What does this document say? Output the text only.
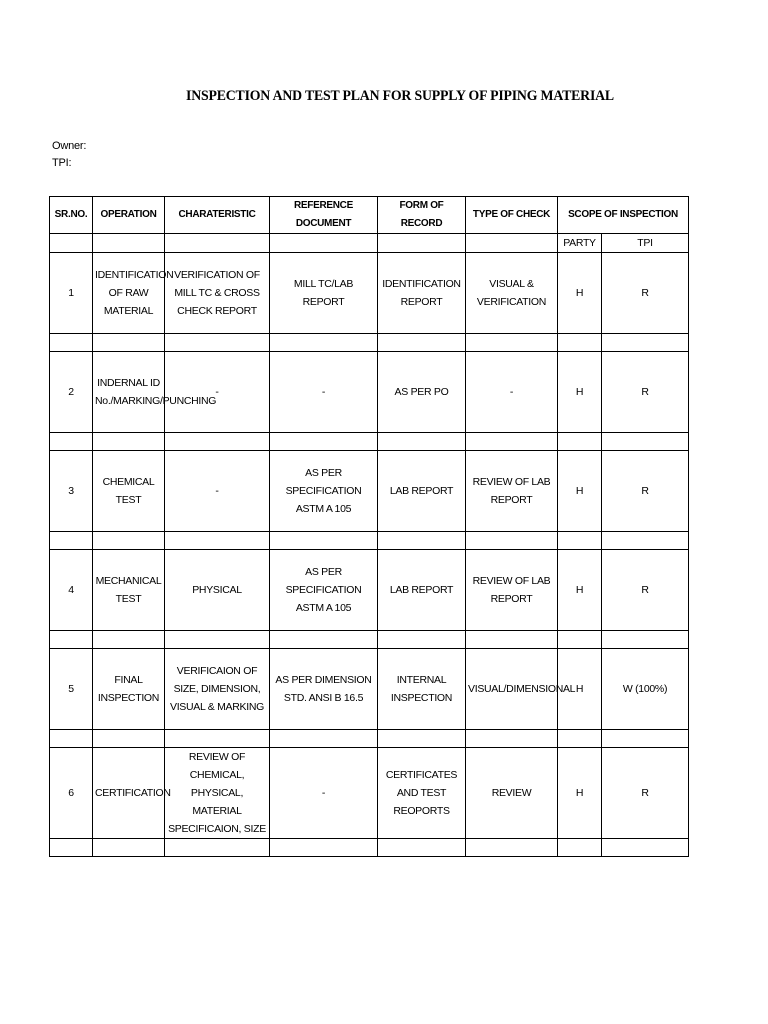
INSPECTION AND TEST PLAN FOR SUPPLY OF PIPING MATERIAL
Owner:
TPI:
SR.NO.	OPERATION	CHARATERISTIC	REFERENCE DOCUMENT	FORM OF RECORD	TYPE OF CHECK	SCOPE OF INSPECTION	
						PARTY	TPI
1	IDENTIFICATION OF RAW MATERIAL	VERIFICATION OF MILL TC & CROSS CHECK REPORT	MILL TC/LAB REPORT	IDENTIFICATION REPORT	VISUAL & VERIFICATION	H	R

2	INDERNAL ID No./MARKING/PUNCHING	-	-	AS PER PO	-	H	R

3	CHEMICAL TEST	-	AS PER SPECIFICATION ASTM A 105	LAB REPORT	REVIEW OF LAB REPORT	H	R

4	MECHANICAL TEST	PHYSICAL	AS PER SPECIFICATION ASTM A 105	LAB REPORT	REVIEW OF LAB REPORT	H	R

5	FINAL INSPECTION	VERIFICAION OF SIZE, DIMENSION, VISUAL & MARKING	AS PER DIMENSION STD. ANSI B 16.5	INTERNAL INSPECTION	VISUAL/DIMENSIONAL	H	W (100%)

6	CERTIFICATION	REVIEW OF CHEMICAL, PHYSICAL, MATERIAL SPECIFICAION, SIZE	-	CERTIFICATES AND TEST REOPORTS	REVIEW	H	R
